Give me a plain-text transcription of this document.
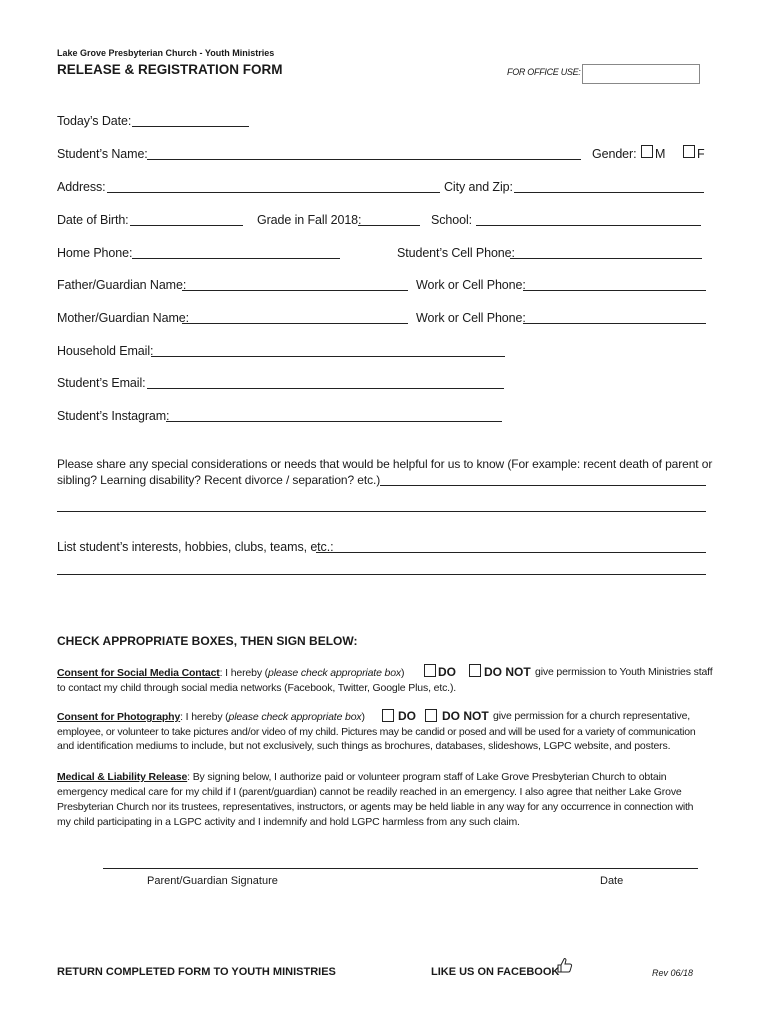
Lake Grove Presbyterian Church - Youth Ministries
RELEASE & REGISTRATION FORM	FOR OFFICE USE:
Today’s Date:
Student’s Name:	Gender: M	F
Address:	City and Zip:
Date of Birth:	Grade in Fall 2018:	School:
Home Phone:	Student’s Cell Phone:
Father/Guardian Name:	Work or Cell Phone:
Mother/Guardian Name:	Work or Cell Phone:
Household Email:
Student’s Email:
Student’s Instagram:
Please share any special considerations or needs that would be helpful for us to know (For example: recent death of parent or
sibling? Learning disability? Recent divorce / separation? etc.)
List student’s interests, hobbies, clubs, teams, etc.:
CHECK APPROPRIATE BOXES, THEN SIGN BELOW:
Consent for Social Media Contact: I hereby (please check appropriate box)	DO DO NOT give permission to Youth Ministries staff
to contact my child through social media networks (Facebook, Twitter, Google Plus, etc.).
Consent for Photography: I hereby (please check appropriate box)	DO DO NOT give permission for a church representative,
employee, or volunteer to take pictures and/or video of my child. Pictures may be candid or posed and will be used for a variety of communication
and identification mediums to include, but not exclusively, such things as brochures, databases, slideshows, LGPC website, and posters.
Medical & Liability Release: By signing below, I authorize paid or volunteer program staff of Lake Grove Presbyterian Church to obtain
emergency medical care for my child if I (parent/guardian) cannot be readily reached in an emergency. I also agree that neither Lake Grove
Presbyterian Church nor its trustees, representatives, instructors, or agents may be held liable in any way for any occurrence in connection with
my child participating in a LGPC activity and I indemnify and hold LGPC harmless from any such claim.
Parent/Guardian Signature	Date
RETURN COMPLETED FORM TO YOUTH MINISTRIES	LIKE US ON FACEBOOK	Rev 06/18
